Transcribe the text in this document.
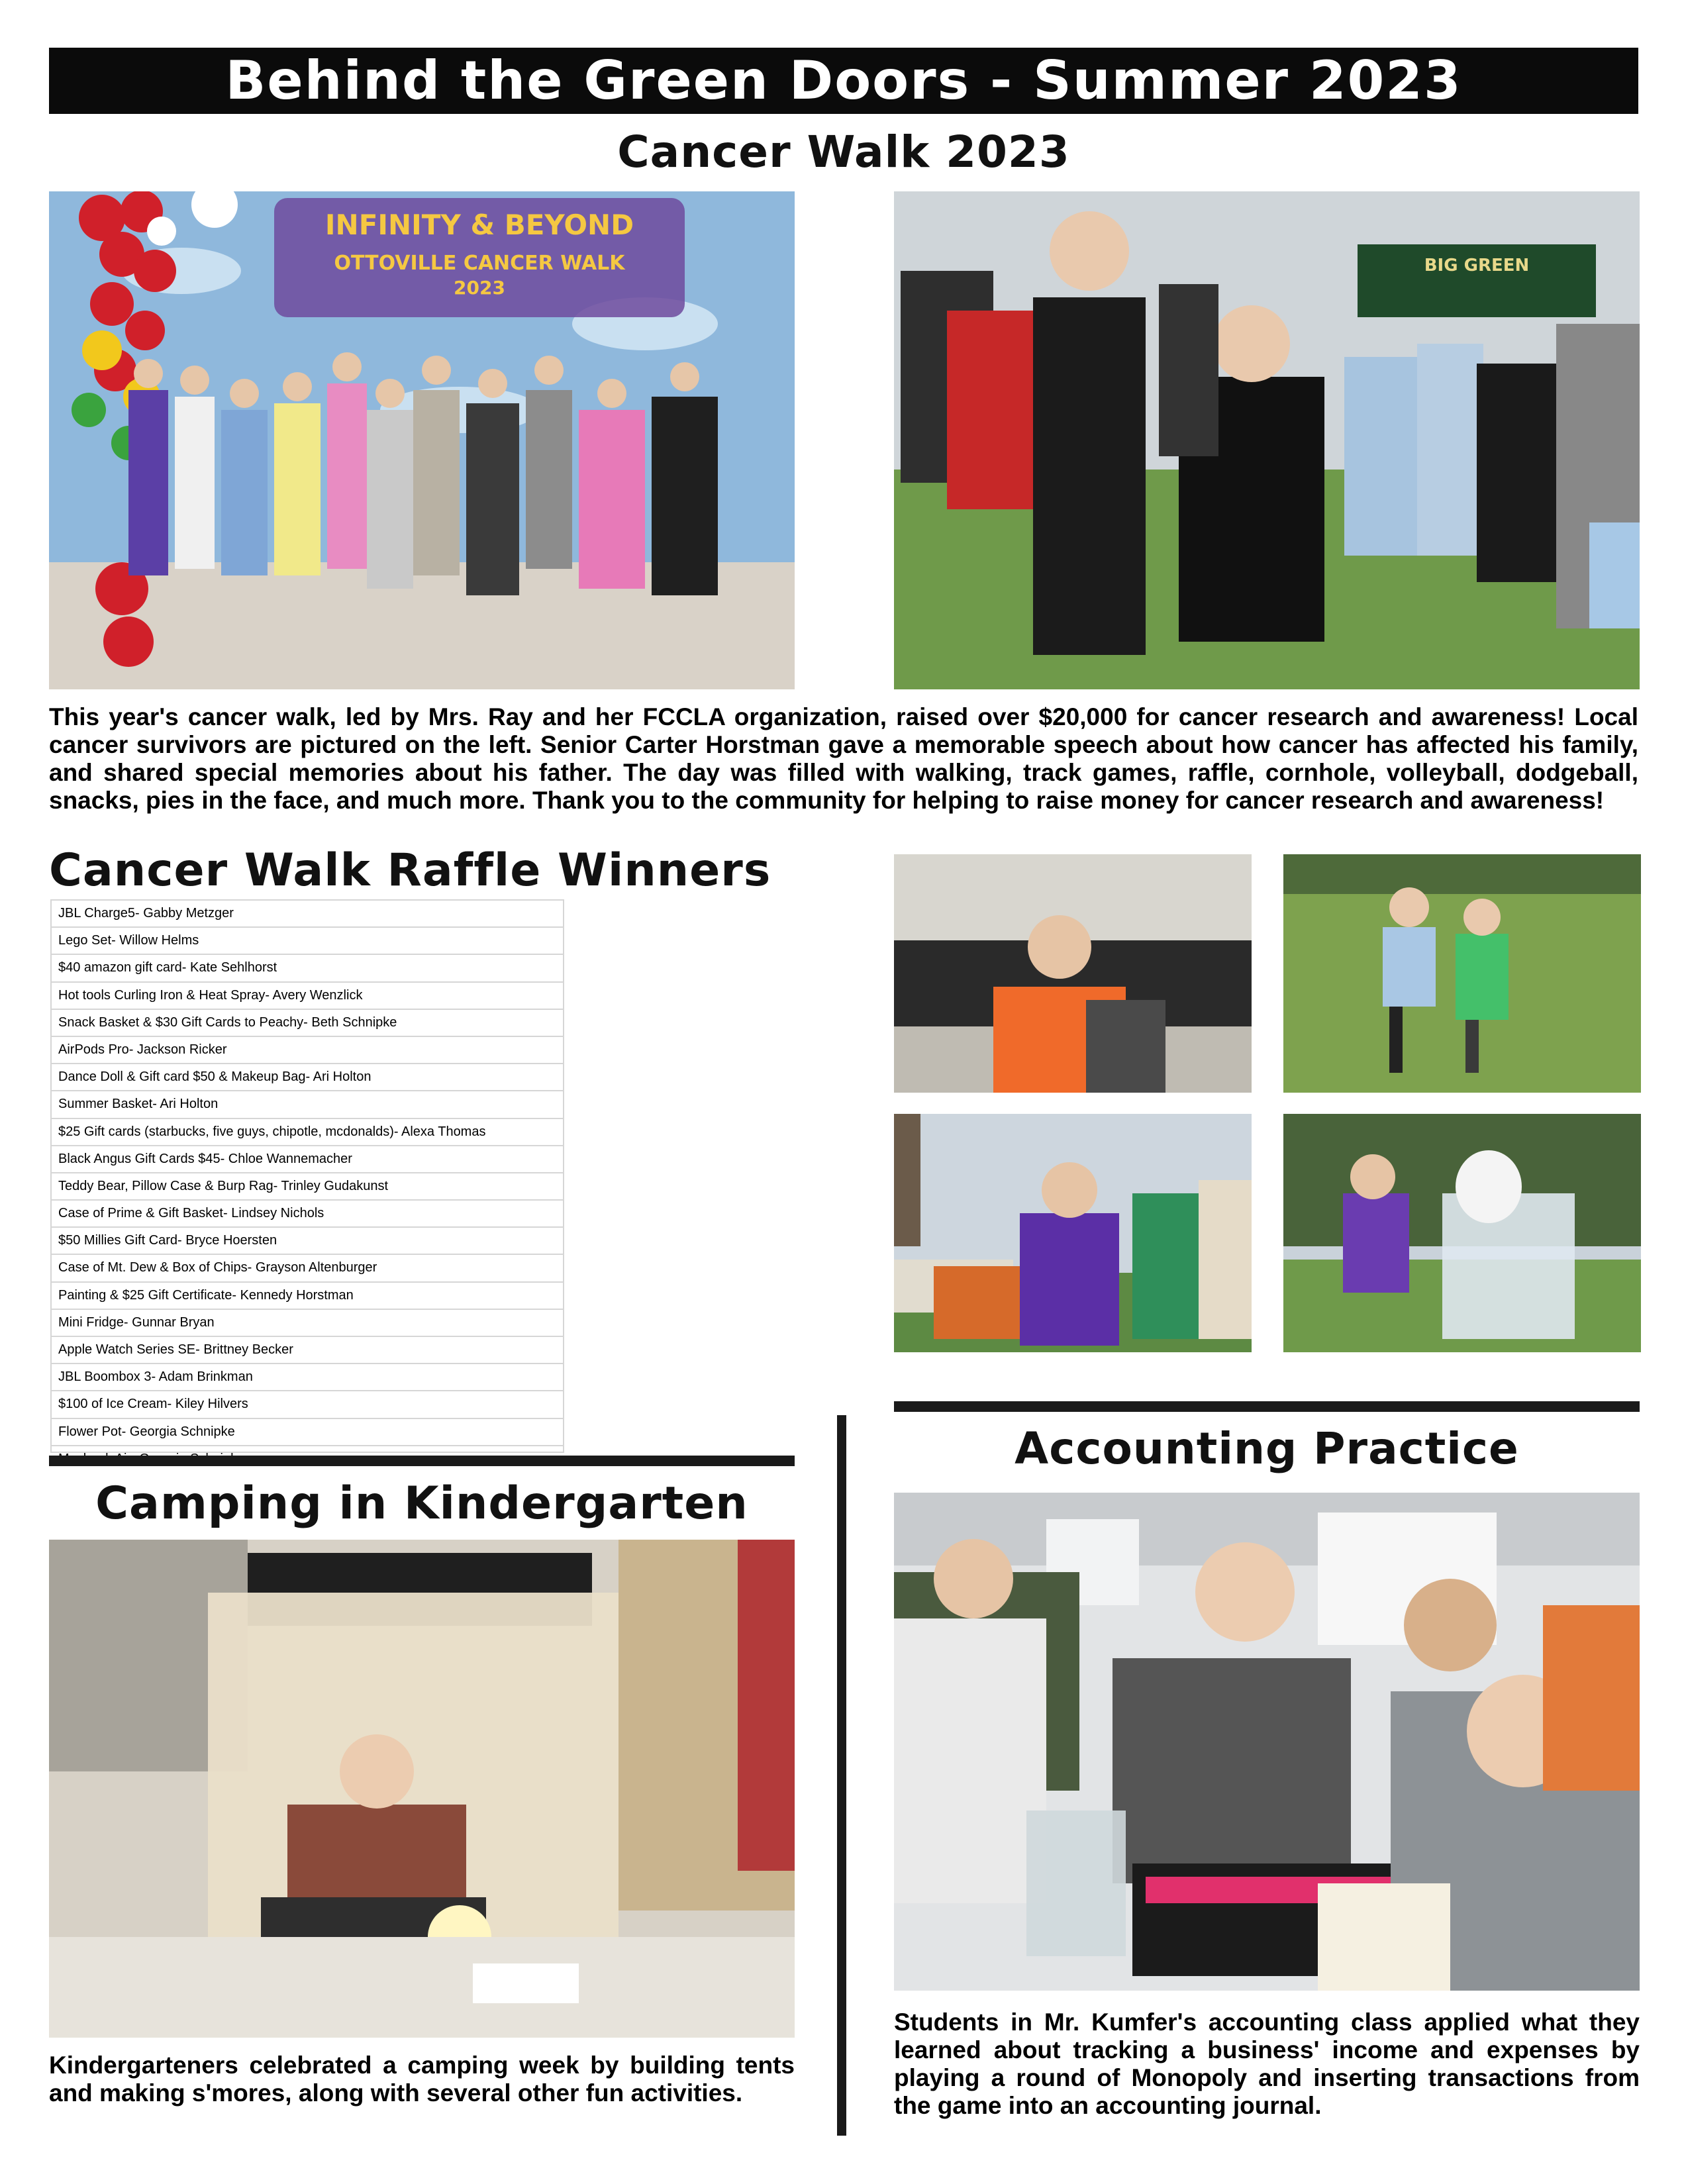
Behind the Green Doors - Summer 2023
Cancer Walk 2023
INFINITY & BEYOND
OTTOVILLE CANCER WALK
2023
BIG GREEN
This year's cancer walk, led by Mrs. Ray and her FCCLA organization, raised over $20,000 for cancer research and awareness! Local cancer survivors are pictured on the left. Senior Carter Horstman gave a memorable speech about how cancer has affected his family, and shared special memories about his father. The day was filled with walking, track games, raffle, cornhole, volleyball, dodgeball, snacks, pies in the face, and much more. Thank you to the community for helping to raise money for cancer research and awareness!
Cancer Walk Raffle Winners
JBL Charge5- Gabby Metzger
Lego Set- Willow Helms
$40 amazon gift card- Kate Sehlhorst
Hot tools Curling Iron & Heat Spray- Avery Wenzlick
Snack Basket & $30 Gift Cards to Peachy- Beth Schnipke
AirPods Pro- Jackson Ricker
Dance Doll & Gift card $50 & Makeup Bag- Ari Holton
Summer Basket- Ari Holton
$25 Gift cards (starbucks, five guys, chipotle, mcdonalds)- Alexa Thomas
Black Angus Gift Cards $45- Chloe Wannemacher
Teddy Bear, Pillow Case & Burp Rag- Trinley Gudakunst
Case of Prime & Gift Basket- Lindsey Nichols
$50 Millies Gift Card- Bryce Hoersten
Case of Mt. Dew & Box of Chips- Grayson Altenburger
Painting & $25 Gift Certificate- Kennedy Horstman
Mini Fridge- Gunnar Bryan
Apple Watch Series SE- Brittney Becker
JBL Boombox 3- Adam Brinkman
$100 of Ice Cream- Kiley Hilvers
Flower Pot- Georgia Schnipke	Accounting Practice
Students in Mr. Kumfer's accounting class applied what they learned about tracking a business' income and expenses by playing a round of Monopoly and inserting transactions from the game into an accounting journal.
Camping in Kindergarten
Kindergarteners celebrated a camping week by building tents and making s'mores, along with several other fun activities.
